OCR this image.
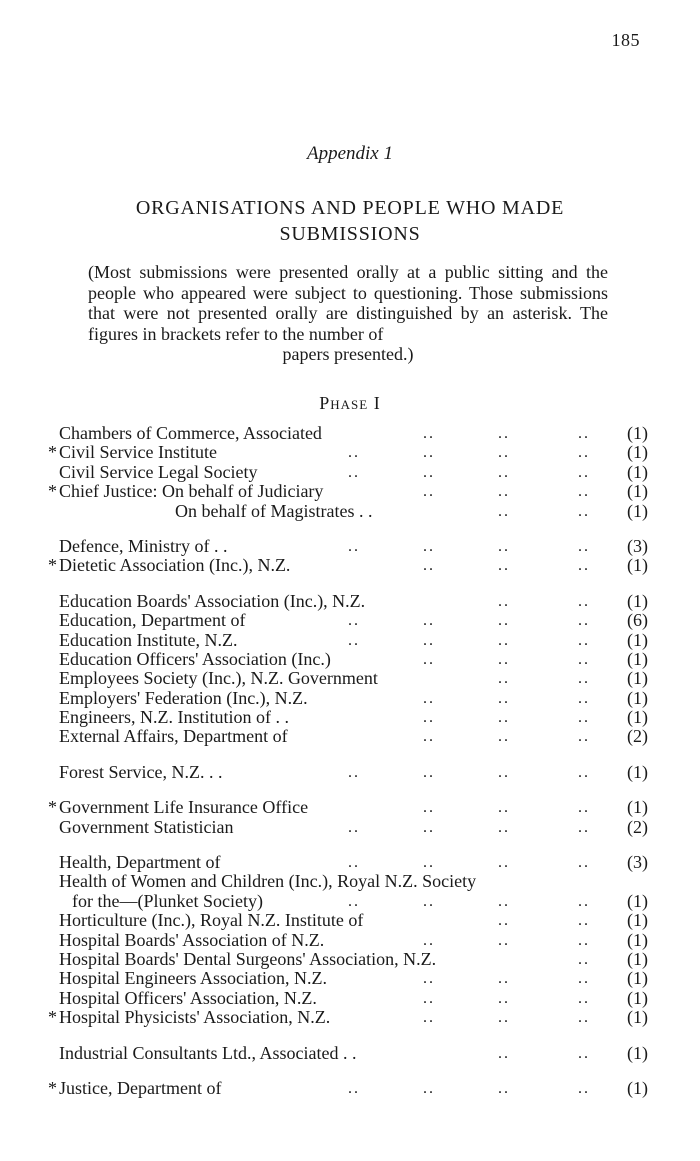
185
Appendix 1
ORGANISATIONS AND PEOPLE WHO MADE SUBMISSIONS
(Most submissions were presented orally at a public sitting and the people who appeared were subject to questioning. Those submissions that were not presented orally are distinguished by an asterisk. The figures in brackets refer to the number of
papers presented.)
Phase I
Chambers of Commerce, Associated	..	..	.. (1)
* Civil Service Institute	..	..	..	.. (1)
Civil Service Legal Society	..	..	..	.. (1)
* Chief Justice: On behalf of Judiciary	..	..	.. (1)
On behalf of Magistrates . .	..	.. (1)
Defence, Ministry of . .	..	..	..	.. (3)
* Dietetic Association (Inc.), N.Z.	..	..	.. (1)
Education Boards' Association (Inc.), N.Z.	..	.. (1)
Education, Department of	..	..	..	.. (6)
Education Institute, N.Z.	..	..	..	.. (1)
Education Officers' Association (Inc.)	..	..	.. (1)
Employees Society (Inc.), N.Z. Government	..	.. (1)
Employers' Federation (Inc.), N.Z.	..	..	.. (1)
Engineers, N.Z. Institution of . .	..	..	.. (1)
External Affairs, Department of	..	..	.. (2)
Forest Service, N.Z. . .	..	..	..	.. (1)
* Government Life Insurance Office	..	..	.. (1)
Government Statistician	..	..	..	.. (2)
Health, Department of	..	..	..	.. (3)
Health of Women and Children (Inc.), Royal N.Z. Society
for the—(Plunket Society)	..	..	..	.. (1)
Horticulture (Inc.), Royal N.Z. Institute of	..	.. (1)
Hospital Boards' Association of N.Z.	..	..	.. (1)
Hospital Boards' Dental Surgeons' Association, N.Z.	.. (1)
Hospital Engineers Association, N.Z.	..	..	.. (1)
Hospital Officers' Association, N.Z.	..	..	.. (1)
* Hospital Physicists' Association, N.Z.	..	..	.. (1)
Industrial Consultants Ltd., Associated . .	..	.. (1)
* Justice, Department of	..	..	..	.. (1)
